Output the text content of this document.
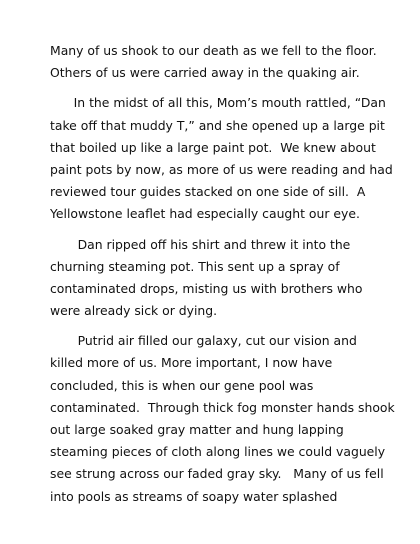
Many of us shook to our death as we fell to the floor.
Others of us were carried away in the quaking air.
In the midst of all this, Mom’s mouth rattled, “Dan
take off that muddy T,” and she opened up a large pit
that boiled up like a large paint pot.  We knew about
paint pots by now, as more of us were reading and had
reviewed tour guides stacked on one side of sill.  A
Yellowstone leaflet had especially caught our eye.
Dan ripped off his shirt and threw it into the
churning steaming pot. This sent up a spray of
contaminated drops, misting us with brothers who
were already sick or dying.
Putrid air filled our galaxy, cut our vision and
killed more of us. More important, I now have
concluded, this is when our gene pool was
contaminated.  Through thick fog monster hands shook
out large soaked gray matter and hung lapping
steaming pieces of cloth along lines we could vaguely
see strung across our faded gray sky.   Many of us fell
into pools as streams of soapy water splashed
